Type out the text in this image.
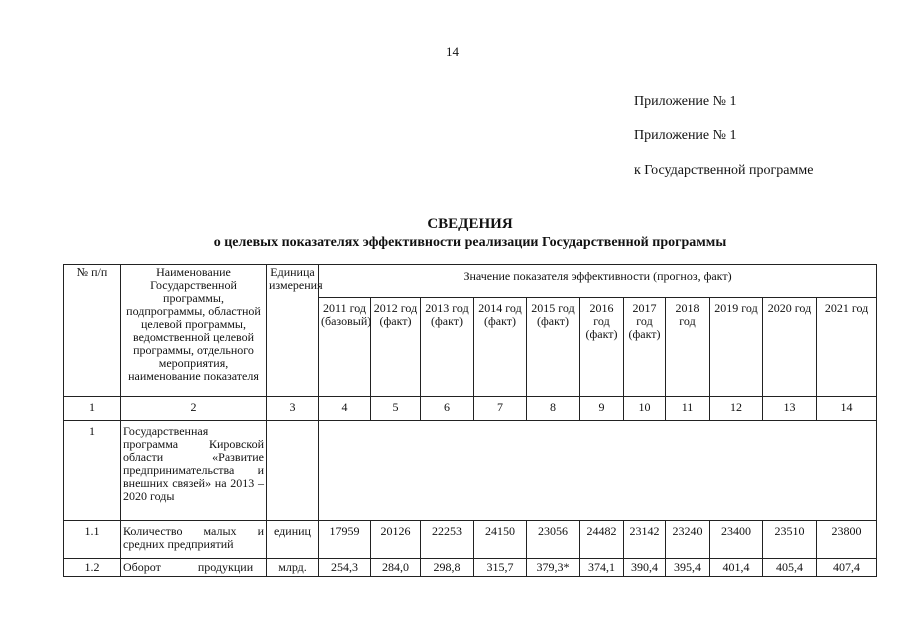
14
Приложение № 1
Приложение № 1
к Государственной программе
СВЕДЕНИЯ
о целевых показателях эффективности реализации Государственной программы
№ п/п	Наименование Государственной программы, подпрограммы, областной целевой программы, ведомственной целевой программы, отдельного мероприятия, наименование показателя	Единица измерения	Значение показателя эффективности (прогноз, факт)										
			2011 год (базовый)	2012 год (факт)	2013 год (факт)	2014 год (факт)	2015 год (факт)	2016 год (факт)	2017 год (факт)	2018 год	2019 год	2020 год	2021 год
1	2	3	4	5	6	7	8	9	10	11	12	13	14
1	Государственная программа Кировской области «Развитие предпринимательства и внешних связей» на 2013 – 2020 годы												
1.1	Количество малых и средних предприятий	единиц	17959	20126	22253	24150	23056	24482	23142	23240	23400	23510	23800
1.2	Оборот продукции	млрд.	254,3	284,0	298,8	315,7	379,3*	374,1	390,4	395,4	401,4	405,4	407,4
